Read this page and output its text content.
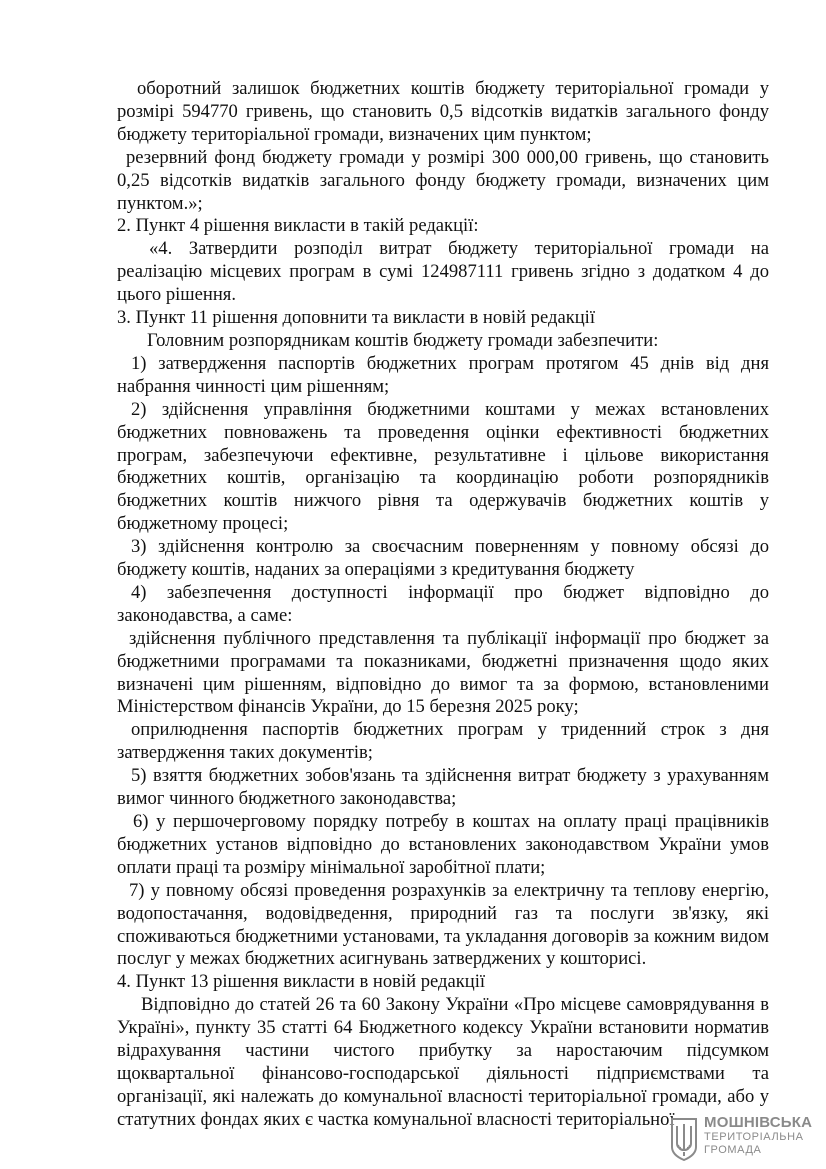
оборотний залишок бюджетних коштів бюджету територіальної громади у розмірі 594770 гривень, що становить 0,5 відсотків видатків загального фонду бюджету територіальної громади, визначених цим пунктом;

резервний фонд бюджету громади у розмірі 300 000,00 гривень, що становить 0,25 відсотків видатків загального фонду бюджету громади, визначених цим пунктом.»;

2. Пункт 4 рішення викласти в такій редакції:

«4. Затвердити розподіл витрат бюджету територіальної громади на реалізацію місцевих програм в сумі 124987111 гривень згідно з додатком 4 до цього рішення.

3. Пункт 11 рішення доповнити та викласти в новій редакції

Головним розпорядникам коштів бюджету громади забезпечити:

1) затвердження паспортів бюджетних програм протягом 45 днів від дня набрання чинності цим рішенням;

2) здійснення управління бюджетними коштами у межах встановлених бюджетних повноважень та проведення оцінки ефективності бюджетних програм, забезпечуючи ефективне, результативне і цільове використання бюджетних коштів, організацію та координацію роботи розпорядників бюджетних коштів нижчого рівня та одержувачів бюджетних коштів у бюджетному процесі;

3) здійснення контролю за своєчасним поверненням у повному обсязі до бюджету коштів, наданих за операціями з кредитування бюджету

4) забезпечення доступності інформації про бюджет відповідно до законодавства, а саме:

здійснення публічного представлення та публікації інформації про бюджет за бюджетними програмами та показниками, бюджетні призначення щодо яких визначені цим рішенням, відповідно до вимог та за формою, встановленими Міністерством фінансів України, до 15 березня 2025 року;

оприлюднення паспортів бюджетних програм у триденний строк з дня затвердження таких документів;

5) взяття бюджетних зобов'язань та здійснення витрат бюджету з урахуванням вимог чинного бюджетного законодавства;

6) у першочерговому порядку потребу в коштах на оплату праці працівників бюджетних установ відповідно до встановлених законодавством України умов оплати праці та розміру мінімальної заробітної плати;

7) у повному обсязі проведення розрахунків за електричну та теплову енергію, водопостачання, водовідведення, природний газ та послуги зв'язку, які споживаються бюджетними установами, та укладання договорів за кожним видом послуг у межах бюджетних асигнувань затверджених у кошторисі.

4. Пункт 13 рішення викласти в новій редакції

Відповідно до статей 26 та 60 Закону України «Про місцеве самоврядування в Україні», пункту 35 статті 64 Бюджетного кодексу України встановити норматив відрахування частини чистого прибутку за наростаючим підсумком щоквартальної фінансово-господарської діяльності підприємствами та організації, які належать до комунальної власності територіальної громади, або у статутних фондах яких є частка комунальної власності територіальної	МОШНІВСЬКА
ТЕРИТОРІАЛЬНА
ГРОМАДА
